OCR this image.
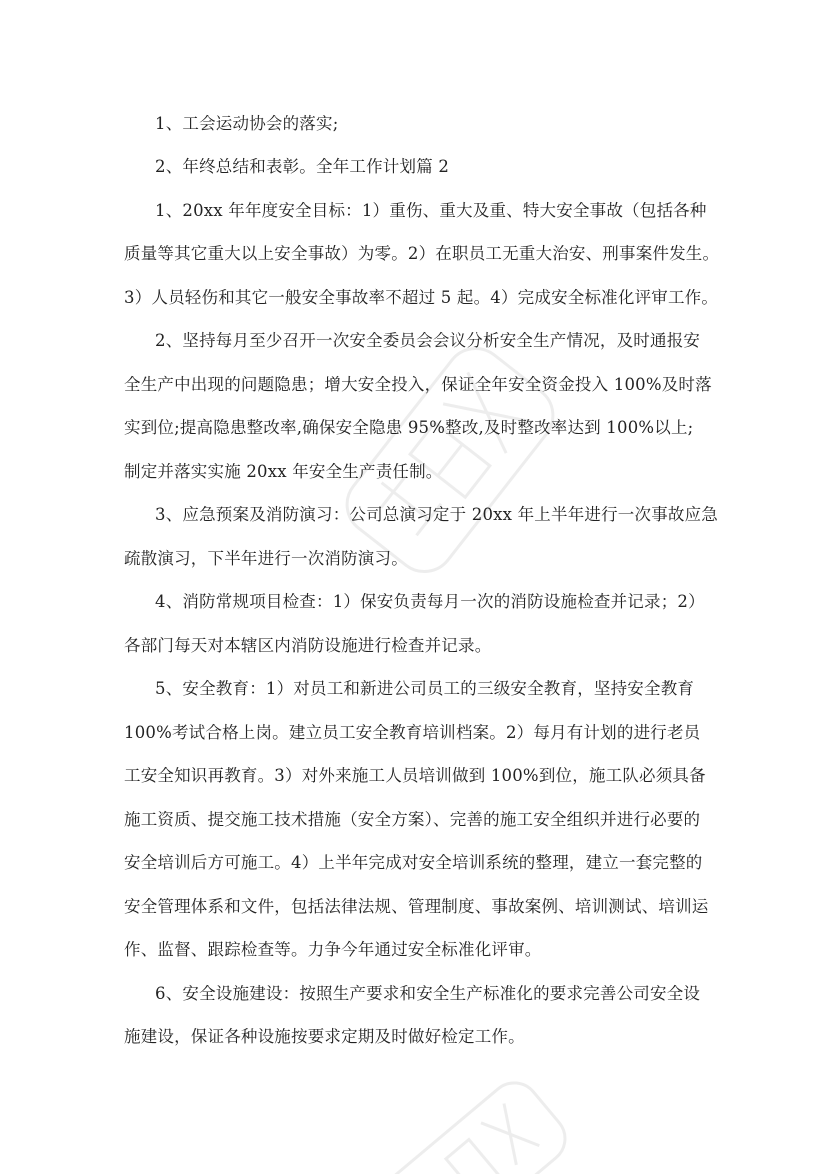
1、工会运动协会的落实;
2、年终总结和表彰。全年工作计划篇 2
1、20xx 年年度安全目标：1）重伤、重大及重、特大安全事故（包括各种
质量等其它重大以上安全事故）为零。2）在职员工无重大治安、刑事案件发生。
3）人员轻伤和其它一般安全事故率不超过 5 起。4）完成安全标准化评审工作。
2、坚持每月至少召开一次安全委员会会议分析安全生产情况，及时通报安
全生产中出现的问题隐患；增大安全投入，保证全年安全资金投入 100%及时落
实到位;提高隐患整改率,确保安全隐患 95%整改,及时整改率达到 100%以上;
制定并落实实施 20xx 年安全生产责任制。
3、应急预案及消防演习：公司总演习定于 20xx 年上半年进行一次事故应急
疏散演习，下半年进行一次消防演习。
4、消防常规项目检查：1）保安负责每月一次的消防设施检查并记录；2）
各部门每天对本辖区内消防设施进行检查并记录。
5、安全教育：1）对员工和新进公司员工的三级安全教育，坚持安全教育
100%考试合格上岗。建立员工安全教育培训档案。2）每月有计划的进行老员
工安全知识再教育。3）对外来施工人员培训做到 100%到位，施工队必须具备
施工资质、提交施工技术措施（安全方案）、完善的施工安全组织并进行必要的
安全培训后方可施工。4）上半年完成对安全培训系统的整理，建立一套完整的
安全管理体系和文件，包括法律法规、管理制度、事故案例、培训测试、培训运
作、监督、跟踪检查等。力争今年通过安全标准化评审。
6、安全设施建设：按照生产要求和安全生产标准化的要求完善公司安全设
施建设，保证各种设施按要求定期及时做好检定工作。
